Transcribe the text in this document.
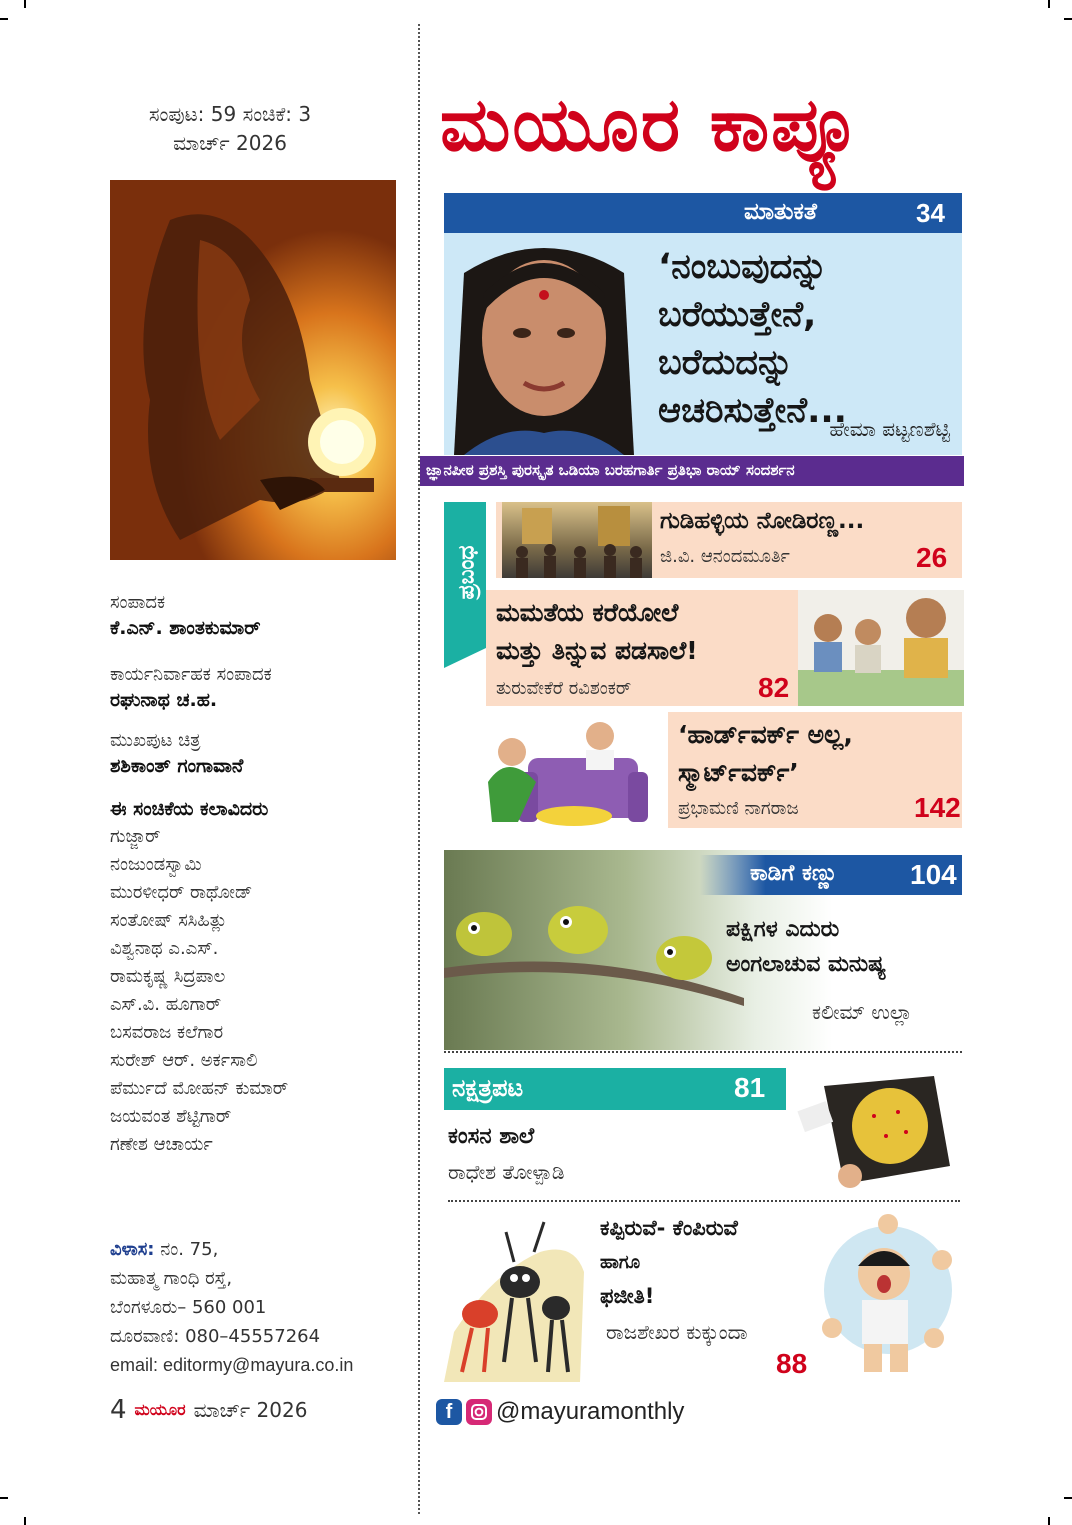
ಸಂಪುಟ: 59 ಸಂಚಿಕೆ: 3
ಮಾರ್ಚ್ 2026
ಸಂಪಾದಕ
ಕೆ.ಎನ್. ಶಾಂತಕುಮಾರ್
ಕಾರ್ಯನಿರ್ವಾಹಕ ಸಂಪಾದಕ
ರಘುನಾಥ ಚ.ಹ.
ಮುಖಪುಟ ಚಿತ್ರ
ಶಶಿಕಾಂತ್ ಗಂಗಾವಾನೆ
ಈ ಸಂಚಿಕೆಯ ಕಲಾವಿದರು
ಗುಜ್ಜಾರ್
ನಂಜುಂಡಸ್ವಾಮಿ
ಮುರಳೀಧರ್ ರಾಥೋಡ್
ಸಂತೋಷ್ ಸಸಿಹಿತ್ಲು
ವಿಶ್ವನಾಥ ಎ.ಎಸ್.
ರಾಮಕೃಷ್ಣ ಸಿದ್ರಪಾಲ
ಎಸ್.ವಿ. ಹೂಗಾರ್
ಬಸವರಾಜ ಕಲೆಗಾರ
ಸುರೇಶ್ ಆರ್. ಅರ್ಕಸಾಲಿ
ಪೆರ್ಮುದೆ ಮೋಹನ್ ಕುಮಾರ್
ಜಯವಂತ ಶೆಟ್ಟಿಗಾರ್
ಗಣೇಶ ಆಚಾರ್ಯ
ವಿಳಾಸ: ನಂ. 75,
ಮಹಾತ್ಮ ಗಾಂಧಿ ರಸ್ತೆ,
ಬೆಂಗಳೂರು– 560 001
ದೂರವಾಣಿ: 080–45557264
email: editormy@mayura.co.in
4 ಮಯೂರ ಮಾರ್ಚ್ 2026
ಮಯೂರ ಕಾಪ್ಯೂ
ಮಾತುಕತೆ	34
‘ನಂಬುವುದನ್ನು
ಬರೆಯುತ್ತೇನೆ,
ಬರೆದುದನ್ನು
ಆಚರಿಸುತ್ತೇನೆ...
ಹೇಮಾ ಪಟ್ಟಣಶೆಟ್ಟಿ
ಜ್ಞಾನಪೀಠ ಪ್ರಶಸ್ತಿ ಪುರಸ್ಕೃತ ಒಡಿಯಾ ಬರಹಗಾರ್ತಿ ಪ್ರತಿಭಾ ರಾಯ್ ಸಂದರ್ಶನ
ಪ್ರಬಂಧ
ಗುಡಿಹಳ್ಳಿಯ ನೋಡಿರಣ್ಣ...
ಜಿ.ವಿ. ಆನಂದಮೂರ್ತಿ	26
ಮಮತೆಯ ಕರೆಯೋಲೆ
ಮತ್ತು ತಿನ್ನುವ ಪಡಸಾಲೆ!
ತುರುವೇಕೆರೆ ರವಿಶಂಕರ್	82
‘ಹಾರ್ಡ್‌ವರ್ಕ್ ಅಲ್ಲ,
ಸ್ಮಾರ್ಟ್‌ವರ್ಕ್’
ಪ್ರಭಾಮಣಿ ನಾಗರಾಜ	142
ಕಾಡಿಗೆ ಕಣ್ಣು	104
ಪಕ್ಷಿಗಳ ಎದುರು
ಅಂಗಲಾಚುವ ಮನುಷ್ಯ
ಕಲೀಮ್ ಉಲ್ಲಾ
ನಕ್ಷತ್ರಪಟ	81
ಕಂಸನ ಶಾಲೆ
ರಾಧೇಶ ತೋಳ್ಪಾಡಿ
ಕಪ್ಪಿರುವೆ- ಕೆಂಪಿರುವೆ
ಹಾಗೂ
ಫಜೀತಿ!
ರಾಜಶೇಖರ ಕುಕ್ಕುಂದಾ
88
f	@mayuramonthly
